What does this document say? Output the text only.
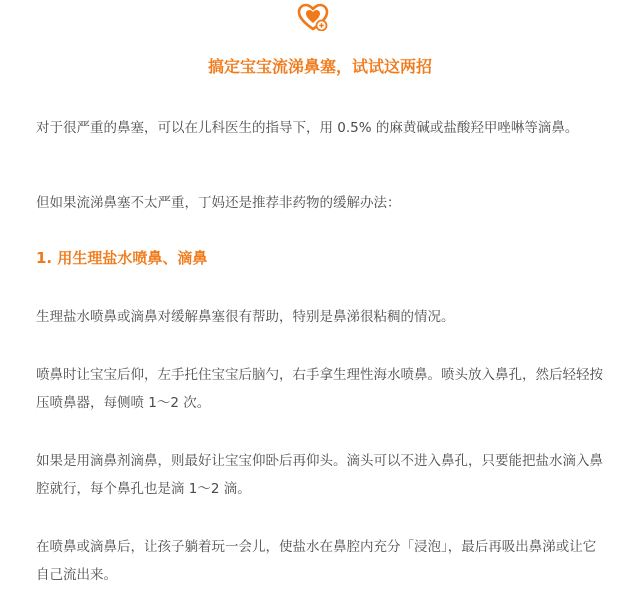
搞定宝宝流涕鼻塞，试试这两招

对于很严重的鼻塞，可以在儿科医生的指导下，用 0.5% 的麻黄碱或盐酸羟甲唑啉等滴鼻。

但如果流涕鼻塞不太严重，丁妈还是推荐非药物的缓解办法：

1. 用生理盐水喷鼻、滴鼻

生理盐水喷鼻或滴鼻对缓解鼻塞很有帮助，特别是鼻涕很粘稠的情况。

喷鼻时让宝宝后仰，左手托住宝宝后脑勺，右手拿生理性海水喷鼻。喷头放入鼻孔，然后轻轻按压喷鼻器，每侧喷 1～2 次。

如果是用滴鼻剂滴鼻，则最好让宝宝仰卧后再仰头。滴头可以不进入鼻孔，只要能把盐水滴入鼻腔就行，每个鼻孔也是滴 1～2 滴。

在喷鼻或滴鼻后，让孩子躺着玩一会儿，使盐水在鼻腔内充分「浸泡」，最后再吸出鼻涕或让它自己流出来。
